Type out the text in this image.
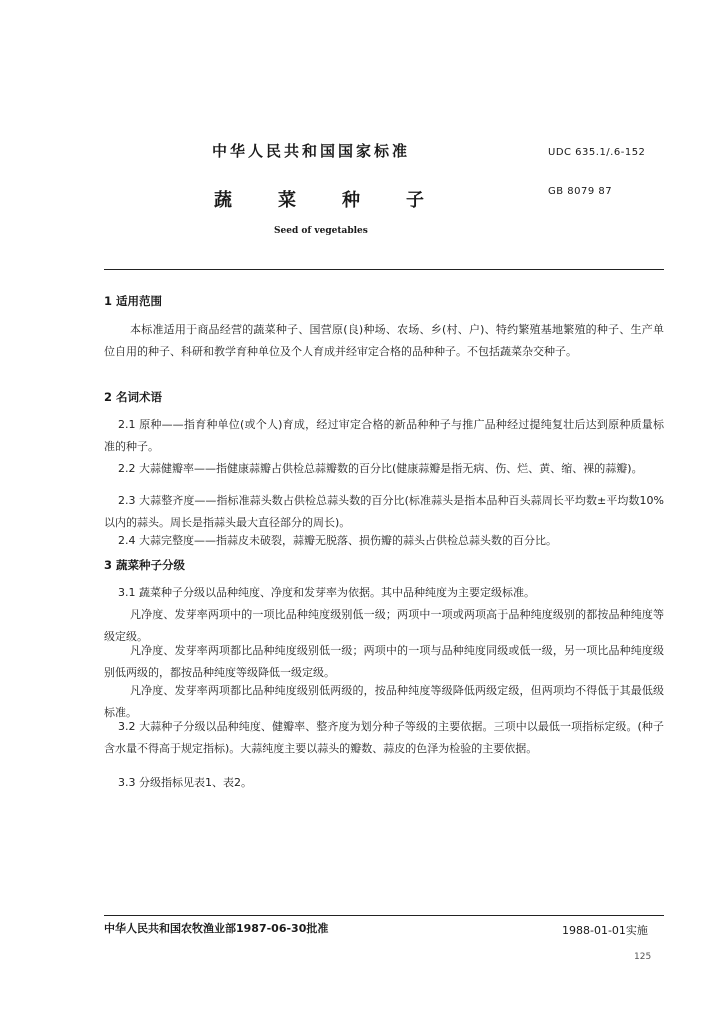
中华人民共和国国家标准	UDC 635.1/.6-152
蔬	菜	种	子	GB 8079 87
Seed of vegetables
1 适用范围
本标准适用于商品经营的蔬菜种子、国营原(良)种场、农场、乡(村、户)、特约繁殖基地繁殖的种子、生产单位自用的种子、科研和教学育种单位及个人育成并经审定合格的品种种子。不包括蔬菜杂交种子。
2 名词术语
2.1 原种——指育种单位(或个人)育成，经过审定合格的新品种种子与推广品种经过提纯复壮后达到原种质量标准的种子。
2.2 大蒜健瓣率——指健康蒜瓣占供检总蒜瓣数的百分比(健康蒜瓣是指无病、伤、烂、黄、缩、裸的蒜瓣)。
2.3 大蒜整齐度——指标准蒜头数占供检总蒜头数的百分比(标准蒜头是指本品种百头蒜周长平均数±平均数10%以内的蒜头。周长是指蒜头最大直径部分的周长)。
2.4 大蒜完整度——指蒜皮未破裂，蒜瓣无脱落、损伤瓣的蒜头占供检总蒜头数的百分比。
3 蔬菜种子分级
3.1 蔬菜种子分级以品种纯度、净度和发芽率为依据。其中品种纯度为主要定级标准。
凡净度、发芽率两项中的一项比品种纯度级别低一级；两项中一项或两项高于品种纯度级别的都按品种纯度等级定级。
凡净度、发芽率两项都比品种纯度级别低一级；两项中的一项与品种纯度同级或低一级，另一项比品种纯度级别低两级的，都按品种纯度等级降低一级定级。
凡净度、发芽率两项都比品种纯度级别低两级的，按品种纯度等级降低两级定级，但两项均不得低于其最低级标准。
3.2 大蒜种子分级以品种纯度、健瓣率、整齐度为划分种子等级的主要依据。三项中以最低一项指标定级。(种子含水量不得高于规定指标)。大蒜纯度主要以蒜头的瓣数、蒜皮的色泽为检验的主要依据。
3.3 分级指标见表1、表2。
中华人民共和国农牧渔业部1987-06-30批准	1988-01-01实施
125
